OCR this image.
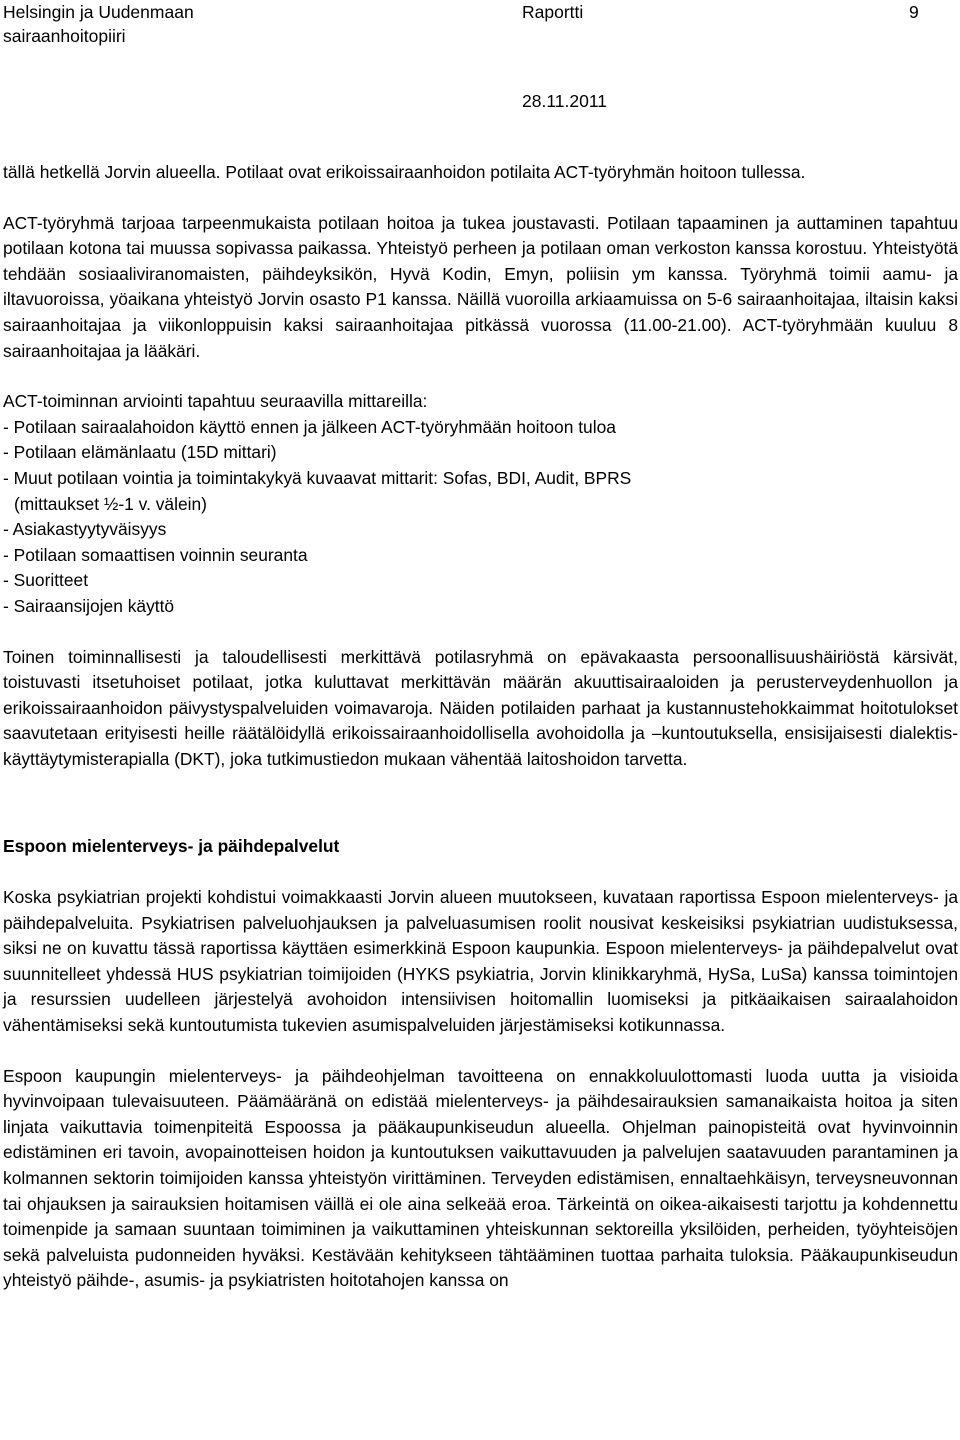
Helsingin ja Uudenmaan sairaanhoitopiiri
Raportti	9
28.11.2011

tällä hetkellä Jorvin alueella. Potilaat ovat erikoissairaanhoidon potilaita ACT-työryhmän hoitoon tullessa.

ACT-työryhmä tarjoaa tarpeenmukaista potilaan hoitoa ja tukea joustavasti. Potilaan tapaaminen ja auttaminen tapahtuu potilaan kotona tai muussa sopivassa paikassa. Yhteistyö perheen ja potilaan oman verkoston kanssa korostuu. Yhteistyötä tehdään sosiaaliviranomaisten, päihdeyksikön, Hyvä Kodin, Emyn, poliisin ym kanssa. Työryhmä toimii aamu- ja iltavuoroissa, yöaikana yhteistyö Jorvin osasto P1 kanssa. Näillä vuoroilla arkiaamuissa on 5-6 sairaanhoitajaa, iltaisin kaksi sairaanhoitajaa ja viikonloppuisin kaksi sairaanhoitajaa pitkässä vuorossa (11.00-21.00). ACT-työryhmään kuuluu 8 sairaanhoitajaa ja lääkäri.

ACT-toiminnan arviointi tapahtuu seuraavilla mittareilla:

- Potilaan sairaalahoidon käyttö ennen ja jälkeen ACT-työryhmään hoitoon tuloa
- Potilaan elämänlaatu (15D mittari)
- Muut potilaan vointia ja toimintakykyä kuvaavat mittarit: Sofas, BDI, Audit, BPRS
(mittaukset ½-1 v. välein)
- Asiakastyytyväisyys
- Potilaan somaattisen voinnin seuranta
- Suoritteet
- Sairaansijojen käyttö

Toinen toiminnallisesti ja taloudellisesti merkittävä potilasryhmä on epävakaasta persoonallisuushäiriöstä kärsivät, toistuvasti itsetuhoiset potilaat, jotka kuluttavat merkittävän määrän akuuttisairaaloiden ja perusterveydenhuollon ja erikoissairaanhoidon päivystyspalveluiden voimavaroja. Näiden potilaiden parhaat ja kustannustehokkaimmat hoitotulokset saavutetaan erityisesti heille räätälöidyllä erikoissairaanhoidollisella avohoidolla ja –kuntoutuksella, ensisijaisesti dialektis-käyttäytymisterapialla (DKT), joka tutkimustiedon mukaan vähentää laitoshoidon tarvetta.

Espoon mielenterveys- ja päihdepalvelut

Koska psykiatrian projekti kohdistui voimakkaasti Jorvin alueen muutokseen, kuvataan raportissa Espoon mielenterveys- ja päihdepalveluita. Psykiatrisen palveluohjauksen ja palveluasumisen roolit nousivat keskeisiksi psykiatrian uudistuksessa, siksi ne on kuvattu tässä raportissa käyttäen esimerkkinä Espoon kaupunkia. Espoon mielenterveys- ja päihdepalvelut ovat suunnitelleet yhdessä HUS psykiatrian toimijoiden (HYKS psykiatria, Jorvin klinikkaryhmä, HySa, LuSa) kanssa toimintojen ja resurssien uudelleen järjestelyä avohoidon intensiivisen hoitomallin luomiseksi ja pitkäaikaisen sairaalahoidon vähentämiseksi sekä kuntoutumista tukevien asumispalveluiden järjestämiseksi kotikunnassa.

Espoon kaupungin mielenterveys- ja päihdeohjelman tavoitteena on ennakkoluulottomasti luoda uutta ja visioida hyvinvoipaan tulevaisuuteen. Päämääränä on edistää mielenterveys- ja päihdesairauksien samanaikaista hoitoa ja siten linjata vaikuttavia toimenpiteitä Espoossa ja pääkaupunkiseudun alueella. Ohjelman painopisteitä ovat hyvinvoinnin edistäminen eri tavoin, avopainotteisen hoidon ja kuntoutuksen vaikuttavuuden ja palvelujen saatavuuden parantaminen ja kolmannen sektorin toimijoiden kanssa yhteistyön virittäminen. Terveyden edistämisen, ennaltaehkäisyn, terveysneuvonnan tai ohjauksen ja sairauksien hoitamisen väillä ei ole aina selkeää eroa. Tärkeintä on oikea-aikaisesti tarjottu ja kohdennettu toimenpide ja samaan suuntaan toimiminen ja vaikuttaminen yhteiskunnan sektoreilla yksilöiden, perheiden, työyhteisöjen sekä palveluista pudonneiden hyväksi. Kestävään kehitykseen tähtääminen tuottaa parhaita tuloksia. Pääkaupunkiseudun yhteistyö päihde-, asumis- ja psykiatristen hoitotahojen kanssa on
